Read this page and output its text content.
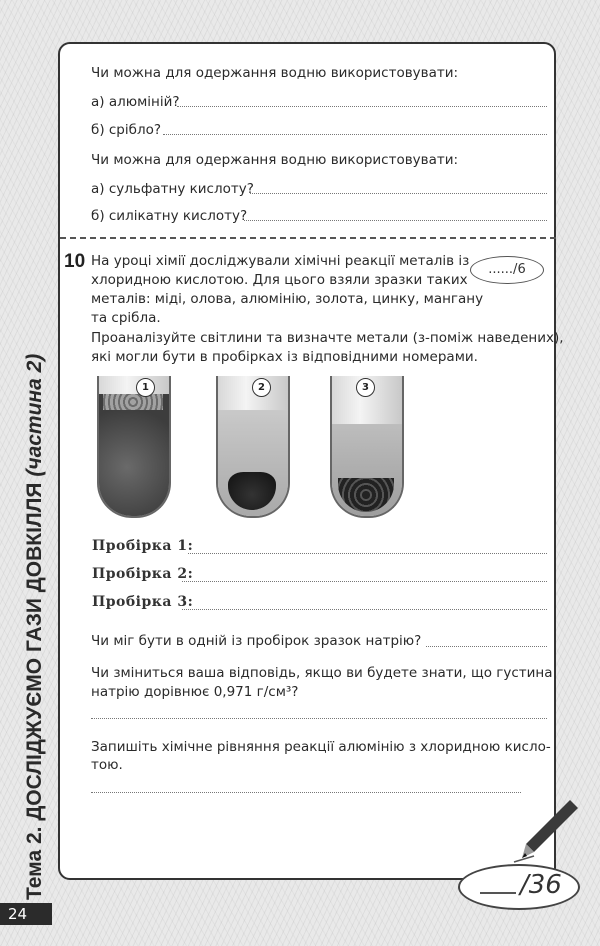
Тема 2. ДОСЛІДЖУЄМО ГАЗИ ДОВКІЛЛЯ (частина 2)
24
Чи можна для одержання водню використовувати:
а) алюміній?
б) срібло?
Чи можна для одержання водню використовувати:
а) сульфатну кислоту?
б) силікатну кислоту?
10	....../6
На уроці хімії досліджували хімічні реакції металів із
хлоридною кислотою. Для цього взяли зразки таких
металів: міді, олова, алюмінію, золота, цинку, мангану
та срібла.
Проаналізуйте світлини та визначте метали (з-поміж наведених),
які могли бути в пробірках із відповідними номерами.
1	2	3
Пробірка 1:
Пробірка 2:
Пробірка 3:
Чи міг бути в одній із пробірок зразок натрію?
Чи зміниться ваша відповідь, якщо ви будете знати, що густина
натрію дорівнює 0,971 г/см³?
Запишіть хімічне рівняння реакції алюмінію з хлоридною кисло-
тою.
/36
